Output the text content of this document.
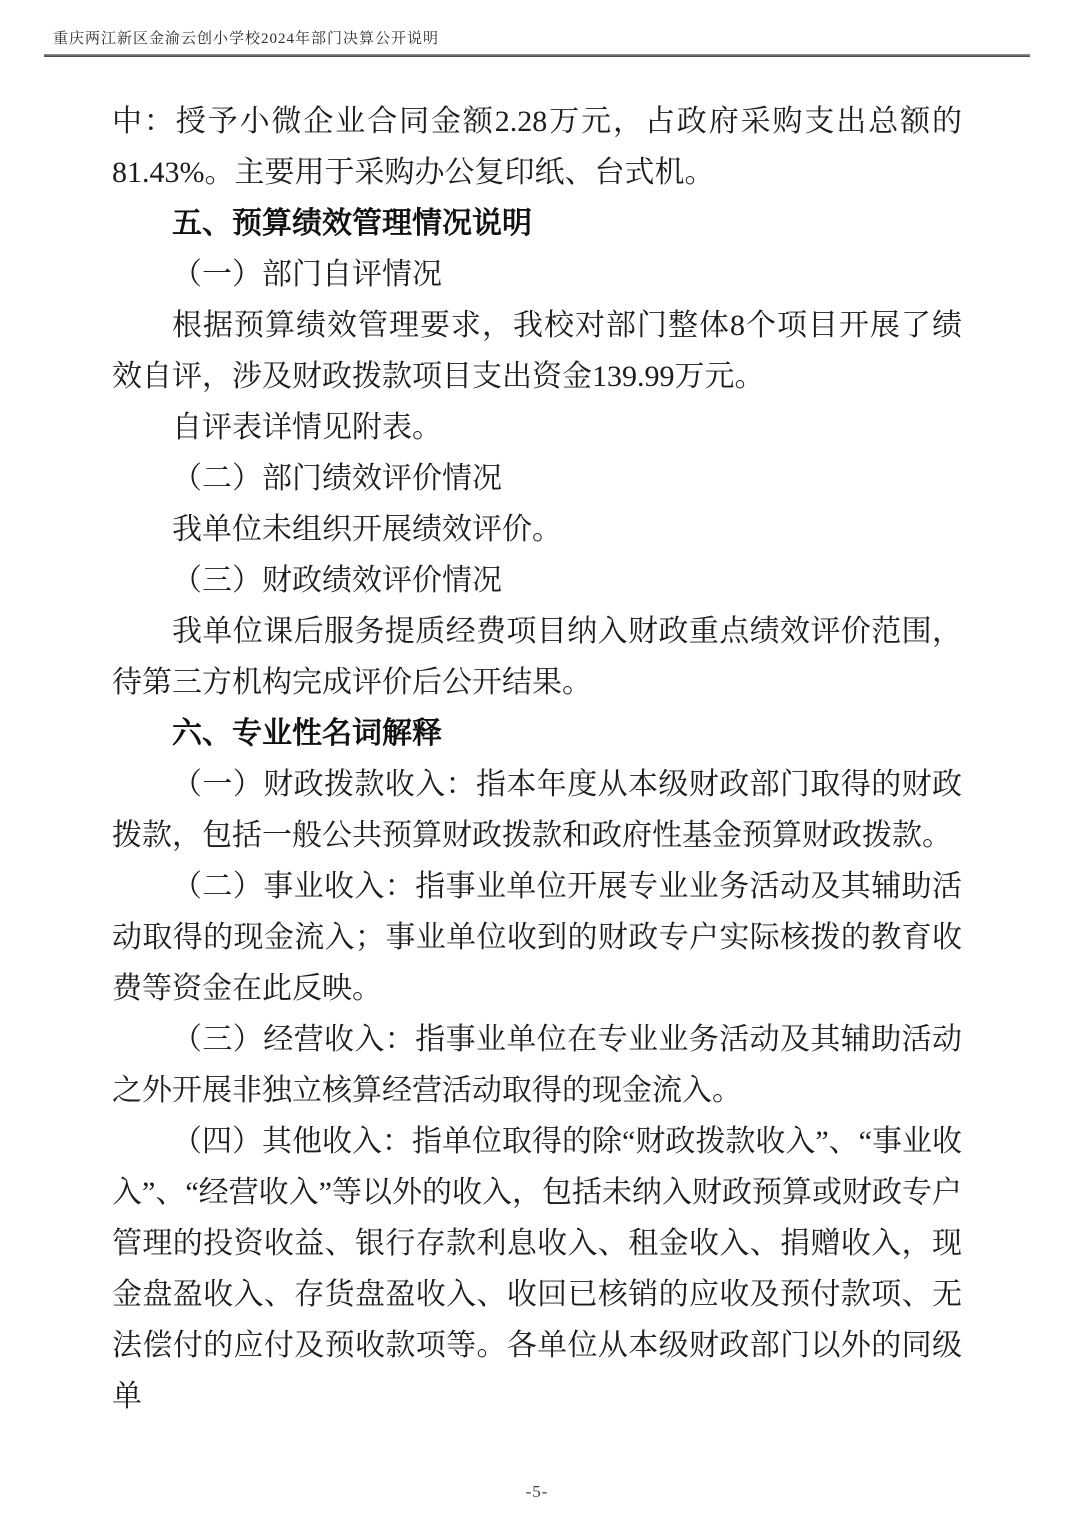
重庆两江新区金渝云创小学校2024年部门决算公开说明

中：授予小微企业合同金额2.28万元，占政府采购支出总额的81.43%。主要用于采购办公复印纸、台式机。

五、预算绩效管理情况说明

（一）部门自评情况

根据预算绩效管理要求，我校对部门整体8个项目开展了绩效自评，涉及财政拨款项目支出资金139.99万元。

自评表详情见附表。

（二）部门绩效评价情况

我单位未组织开展绩效评价。

（三）财政绩效评价情况

我单位课后服务提质经费项目纳入财政重点绩效评价范围，待第三方机构完成评价后公开结果。

六、专业性名词解释

（一）财政拨款收入：指本年度从本级财政部门取得的财政拨款，包括一般公共预算财政拨款和政府性基金预算财政拨款。

（二）事业收入：指事业单位开展专业业务活动及其辅助活动取得的现金流入；事业单位收到的财政专户实际核拨的教育收费等资金在此反映。

（三）经营收入：指事业单位在专业业务活动及其辅助活动之外开展非独立核算经营活动取得的现金流入。

（四）其他收入：指单位取得的除“财政拨款收入”、“事业收入”、“经营收入”等以外的收入，包括未纳入财政预算或财政专户管理的投资收益、银行存款利息收入、租金收入、捐赠收入，现金盘盈收入、存货盘盈收入、收回已核销的应收及预付款项、无法偿付的应付及预收款项等。各单位从本级财政部门以外的同级单

-5-
